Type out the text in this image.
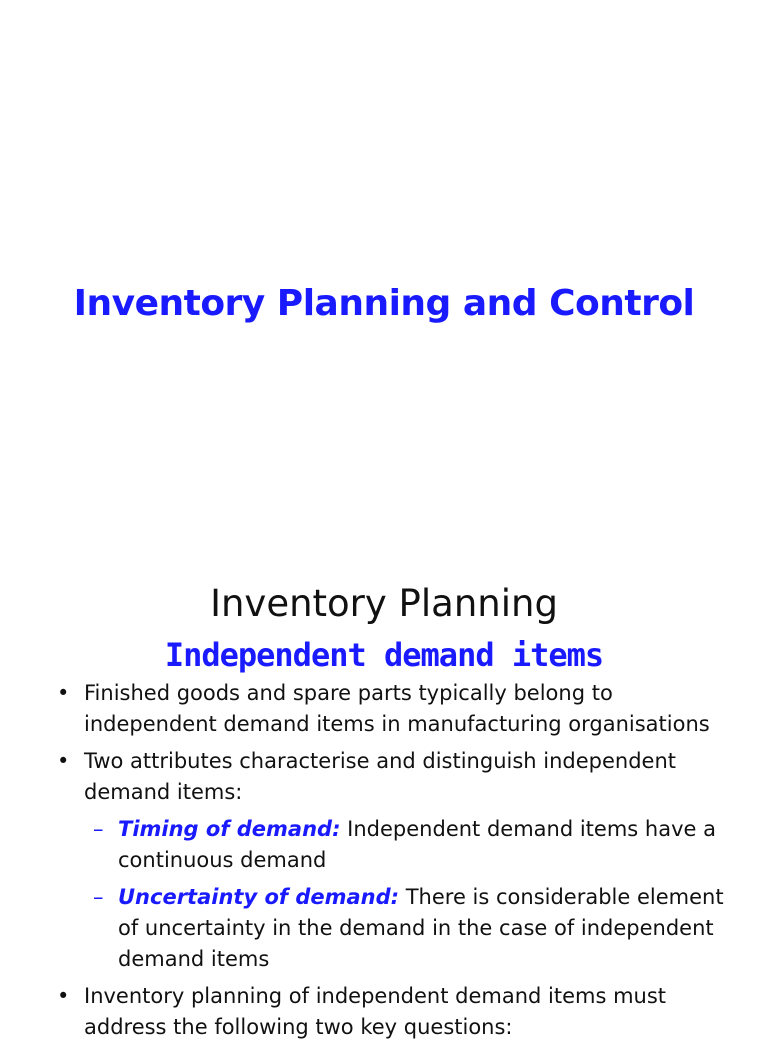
Inventory Planning and Control
Inventory Planning
Independent demand items
• Finished goods and spare parts typically belong to independent demand items in manufacturing organisations
• Two attributes characterise and distinguish independent demand items:
– Timing of demand: Independent demand items have a continuous demand
– Uncertainty of demand: There is considerable element of uncertainty in the demand in the case of independent demand items
• Inventory planning of independent demand items must address the following two key questions:
